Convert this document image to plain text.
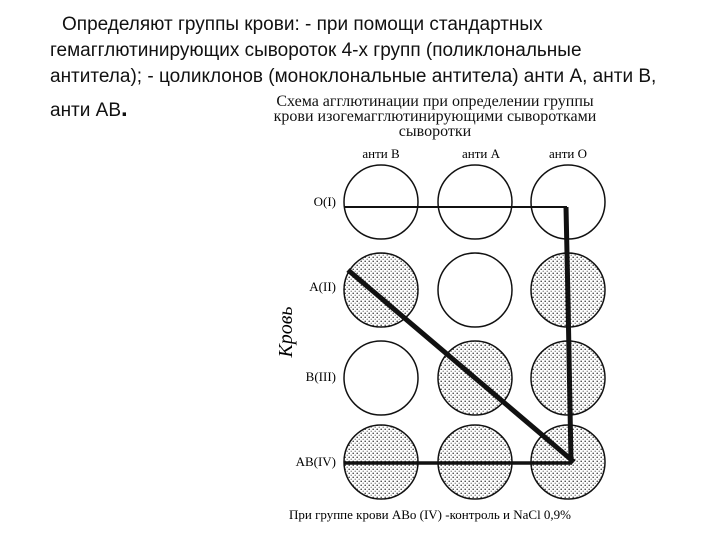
Определяют группы крови: - при помощи стандартных

гемагглютинирующих сывороток 4-х групп (поликлональные

антитела); - цоликлонов (моноклональные антитела) анти А, анти В,

анти АВ.	Схема агглютинации при определении группы
крови изогемагглютинирующими сыворотками
сыворотки
анти B	анти A	анти O
O(I)
A(II)
B(III)
AB(IV)
Кровь
При группе крови АВо (IV) -контроль и NaCl 0,9%
